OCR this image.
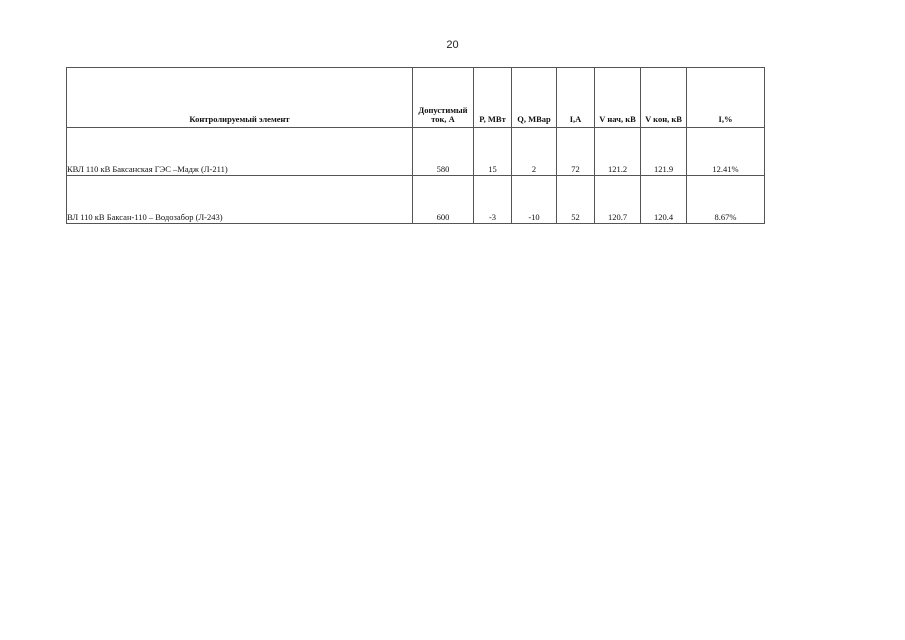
20
Контролируемый элемент	Допустимый ток, А	P, МВт	Q, МВар	I,A	V нач, кВ	V кон, кВ	I,%
КВЛ 110 кВ Баксанская ГЭС –Мадж (Л-211)	580	15	2	72	121.2	121.9	12.41%
ВЛ 110 кВ Баксан-110 – Водозабор (Л-243)	600	-3	-10	52	120.7	120.4	8.67%
